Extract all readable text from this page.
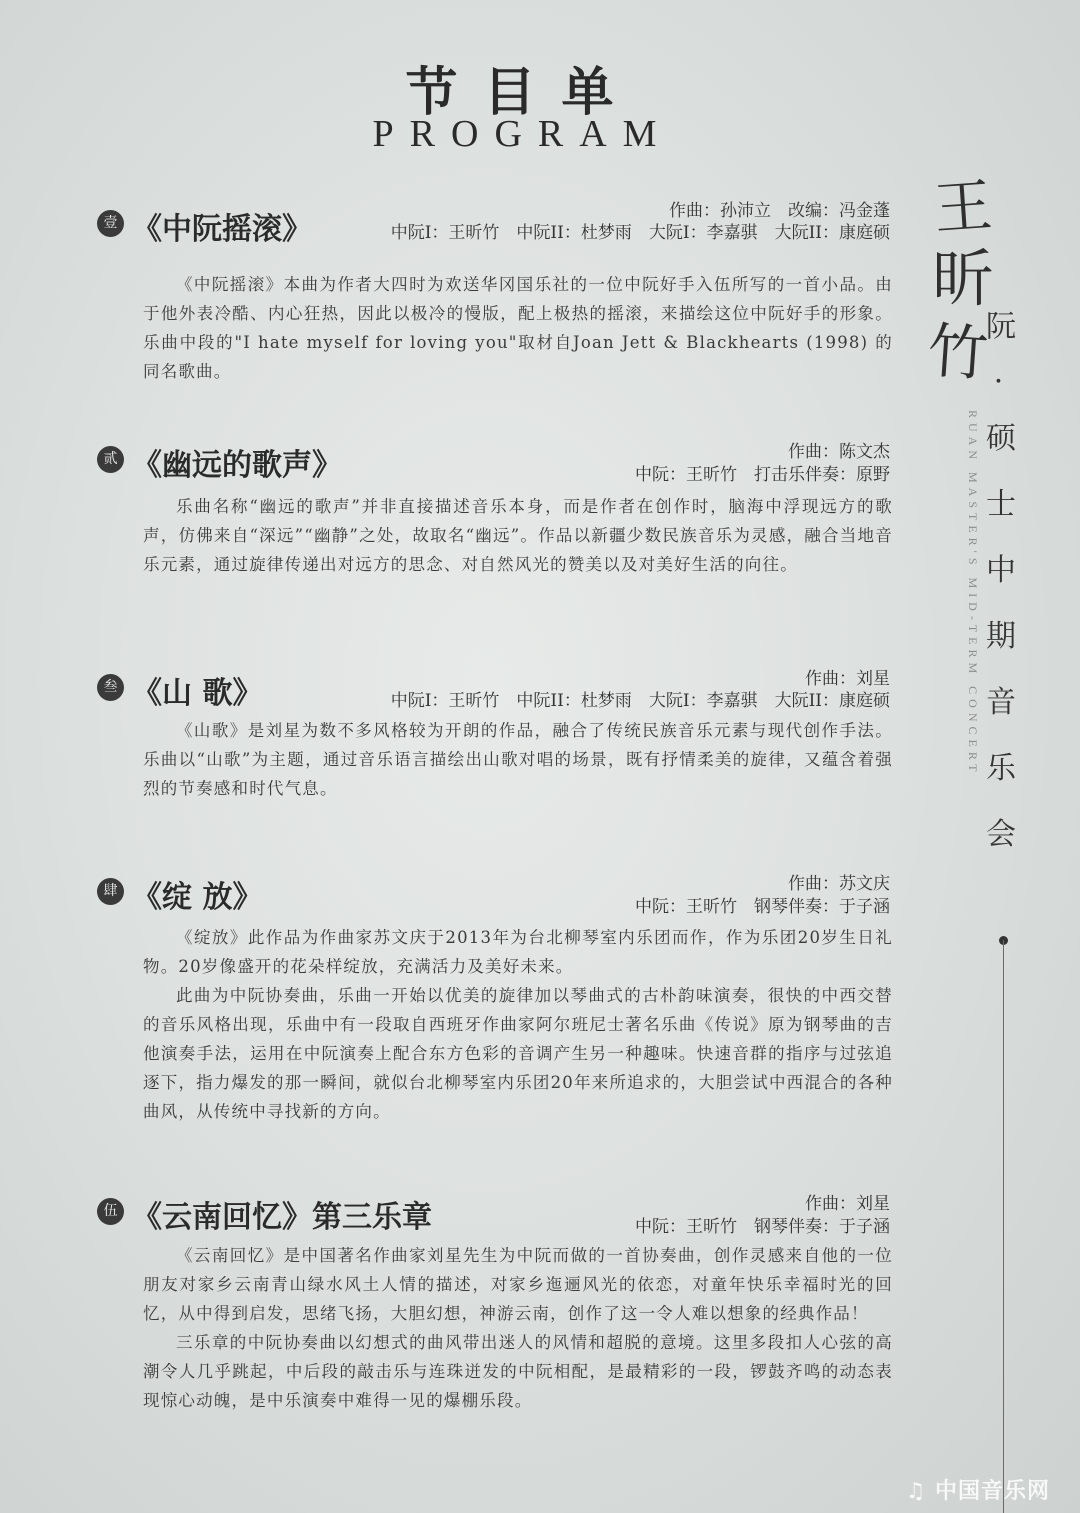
节目单
PROGRAM
壹 《中阮摇滚》
作曲：孙沛立　改编：冯金蓬
中阮I：王昕竹　中阮II：杜梦雨　大阮I：李嘉骐　大阮II：康庭硕

《中阮摇滚》本曲为作者大四时为欢送华冈国乐社的一位中阮好手入伍所写的一首小品。由于他外表冷酷、内心狂热，因此以极冷的慢版，配上极热的摇滚，来描绘这位中阮好手的形象。乐曲中段的"I hate myself for loving you"取材自Joan Jett & Blackhearts (1998) 的同名歌曲。

贰 《幽远的歌声》	作曲：陈文杰
中阮：王昕竹　打击乐伴奏：原野

乐曲名称“幽远的歌声”并非直接描述音乐本身，而是作者在创作时，脑海中浮现远方的歌声，仿佛来自“深远”“幽静”之处，故取名“幽远”。作品以新疆少数民族音乐为灵感，融合当地音乐元素，通过旋律传递出对远方的思念、对自然风光的赞美以及对美好生活的向往。

叁 《山 歌》	作曲：刘星
中阮I：王昕竹　中阮II：杜梦雨　大阮I：李嘉骐　大阮II：康庭硕

《山歌》是刘星为数不多风格较为开朗的作品，融合了传统民族音乐元素与现代创作手法。乐曲以“山歌”为主题，通过音乐语言描绘出山歌对唱的场景，既有抒情柔美的旋律，又蕴含着强烈的节奏感和时代气息。

肆 《绽 放》	作曲：苏文庆
中阮：王昕竹　钢琴伴奏：于子涵

《绽放》此作品为作曲家苏文庆于2013年为台北柳琴室内乐团而作，作为乐团20岁生日礼物。20岁像盛开的花朵样绽放，充满活力及美好未来。

此曲为中阮协奏曲，乐曲一开始以优美的旋律加以琴曲式的古朴韵味演奏，很快的中西交替的音乐风格出现，乐曲中有一段取自西班牙作曲家阿尔班尼士著名乐曲《传说》原为钢琴曲的吉他演奏手法，运用在中阮演奏上配合东方色彩的音调产生另一种趣味。快速音群的指序与过弦追逐下，指力爆发的那一瞬间，就似台北柳琴室内乐团20年来所追求的，大胆尝试中西混合的各种曲风，从传统中寻找新的方向。

伍 《云南回忆》第三乐章	作曲：刘星
中阮：王昕竹　钢琴伴奏：于子涵

《云南回忆》是中国著名作曲家刘星先生为中阮而做的一首协奏曲，创作灵感来自他的一位朋友对家乡云南青山绿水风土人情的描述，对家乡迤逦风光的依恋，对童年快乐幸福时光的回忆，从中得到启发，思绪飞扬，大胆幻想，神游云南，创作了这一令人难以想象的经典作品！

三乐章的中阮协奏曲以幻想式的曲风带出迷人的风情和超脱的意境。这里多段扣人心弦的高潮令人几乎跳起，中后段的敲击乐与连珠迸发的中阮相配，是最精彩的一段，锣鼓齐鸣的动态表现惊心动魄，是中乐演奏中难得一见的爆棚乐段。

王
昕
竹
阮·硕士中期音乐会
RUAN MASTER'S MID-TERM CONCERT
♫ 中国音乐网
